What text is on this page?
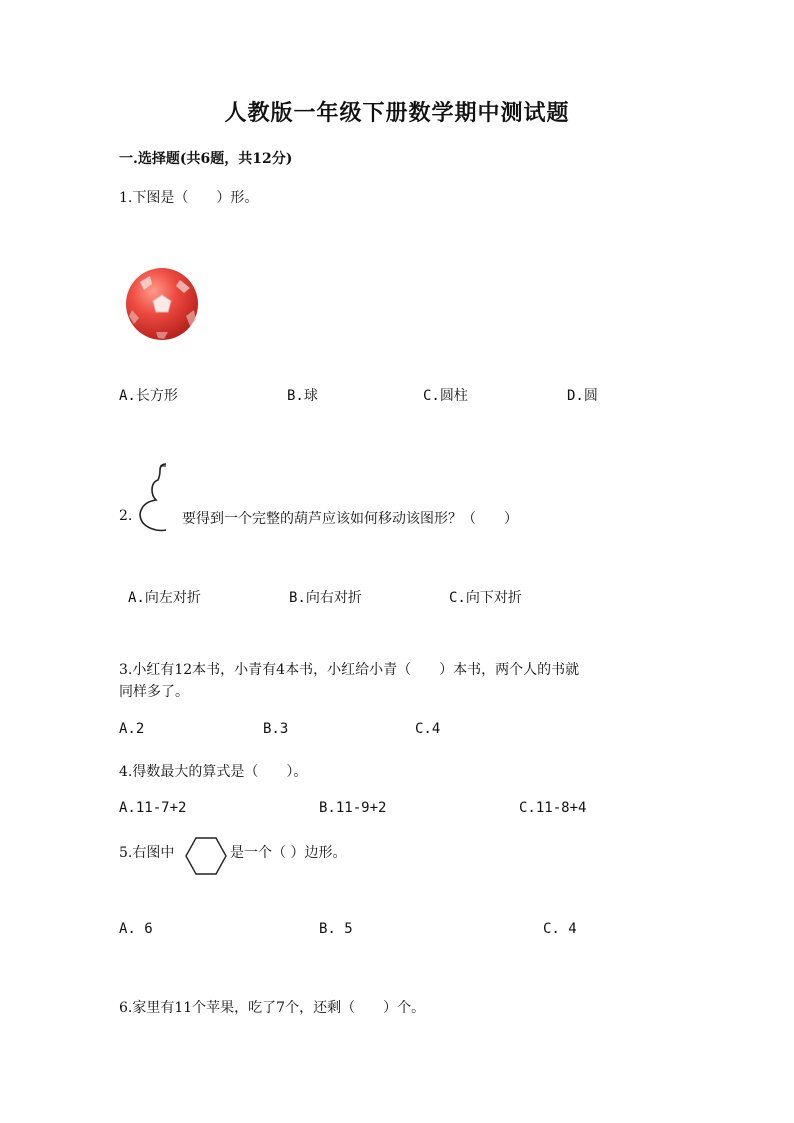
人教版一年级下册数学期中测试题
一.选择题(共6题，共12分)
1.下图是（　　）形。
A.长方形	B.球	C.圆柱	D.圆
2.	要得到一个完整的葫芦应该如何移动该图形？（　　）
A.向左对折	B.向右对折	C.向下对折
3.小红有12本书，小青有4本书，小红给小青（　　）本书，两个人的书就
同样多了。
A.2	B.3	C.4
4.得数最大的算式是（　　）。
A.11-7+2	B.11-9+2	C.11-8+4
5.右图中	是一个（ ）边形。
A. 6	B. 5	C. 4
6.家里有11个苹果，吃了7个，还剩（　　）个。
